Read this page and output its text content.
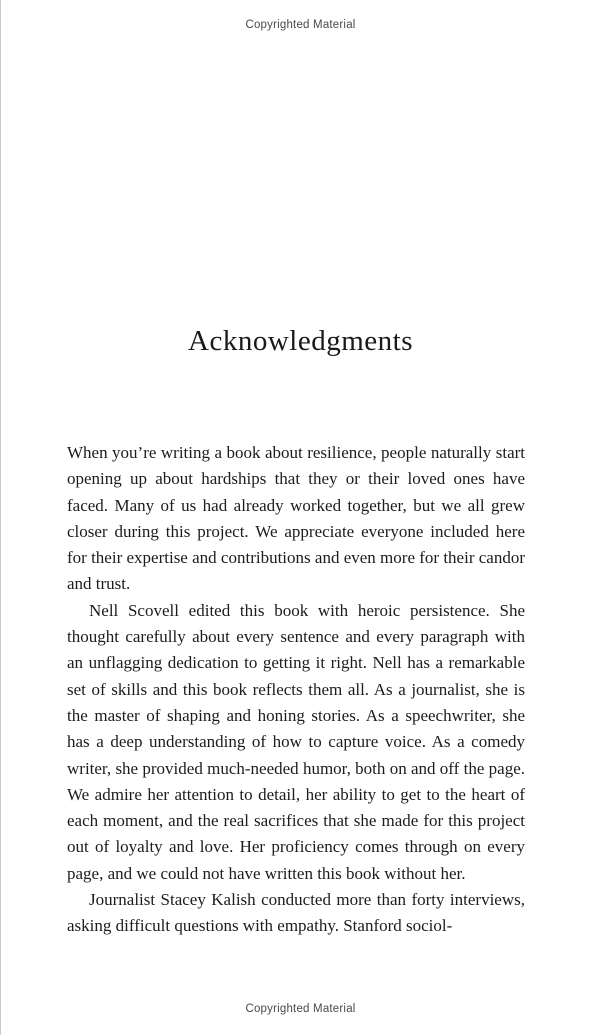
Copyrighted Material
Acknowledgments

When you’re writing a book about resilience, people naturally start opening up about hardships that they or their loved ones have faced. Many of us had already worked together, but we all grew closer during this project. We appreciate everyone included here for their expertise and contributions and even more for their candor and trust.

Nell Scovell edited this book with heroic persistence. She thought carefully about every sentence and every paragraph with an unflagging dedication to getting it right. Nell has a remarkable set of skills and this book reflects them all. As a journalist, she is the master of shaping and honing stories. As a speechwriter, she has a deep understanding of how to capture voice. As a comedy writer, she provided much-needed humor, both on and off the page. We admire her attention to detail, her ability to get to the heart of each moment, and the real sacrifices that she made for this project out of loyalty and love. Her proficiency comes through on every page, and we could not have written this book without her.

Journalist Stacey Kalish conducted more than forty interviews, asking difficult questions with empathy. Stanford sociol-

Copyrighted Material
